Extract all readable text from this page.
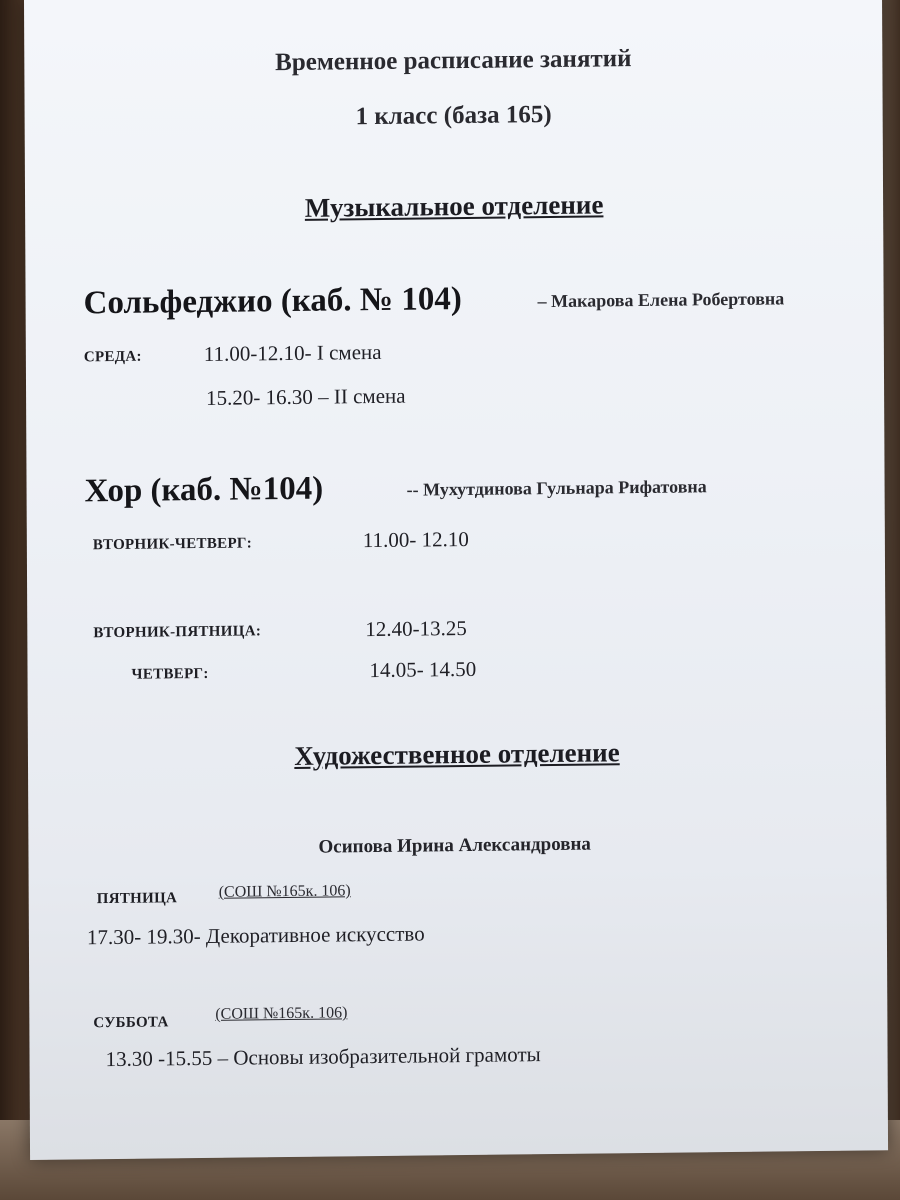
Временное расписание занятий
1 класс (база 165)
Музыкальное отделение
Сольфеджио (каб. № 104)	– Макарова Елена Робертовна
СРЕДА:	11.00-12.10- I смена
15.20- 16.30 – II смена
Хор (каб. №104)	-- Мухутдинова Гульнара Рифатовна
ВТОРНИК-ЧЕТВЕРГ:	11.00- 12.10
ВТОРНИК-ПЯТНИЦА:	12.40-13.25
ЧЕТВЕРГ:	14.05- 14.50
Художественное отделение
Осипова Ирина Александровна
ПЯТНИЦА	(СОШ №165к. 106)
17.30- 19.30- Декоративное искусство
СУББОТА	(СОШ №165к. 106)
13.30 -15.55 – Основы изобразительной грамоты
